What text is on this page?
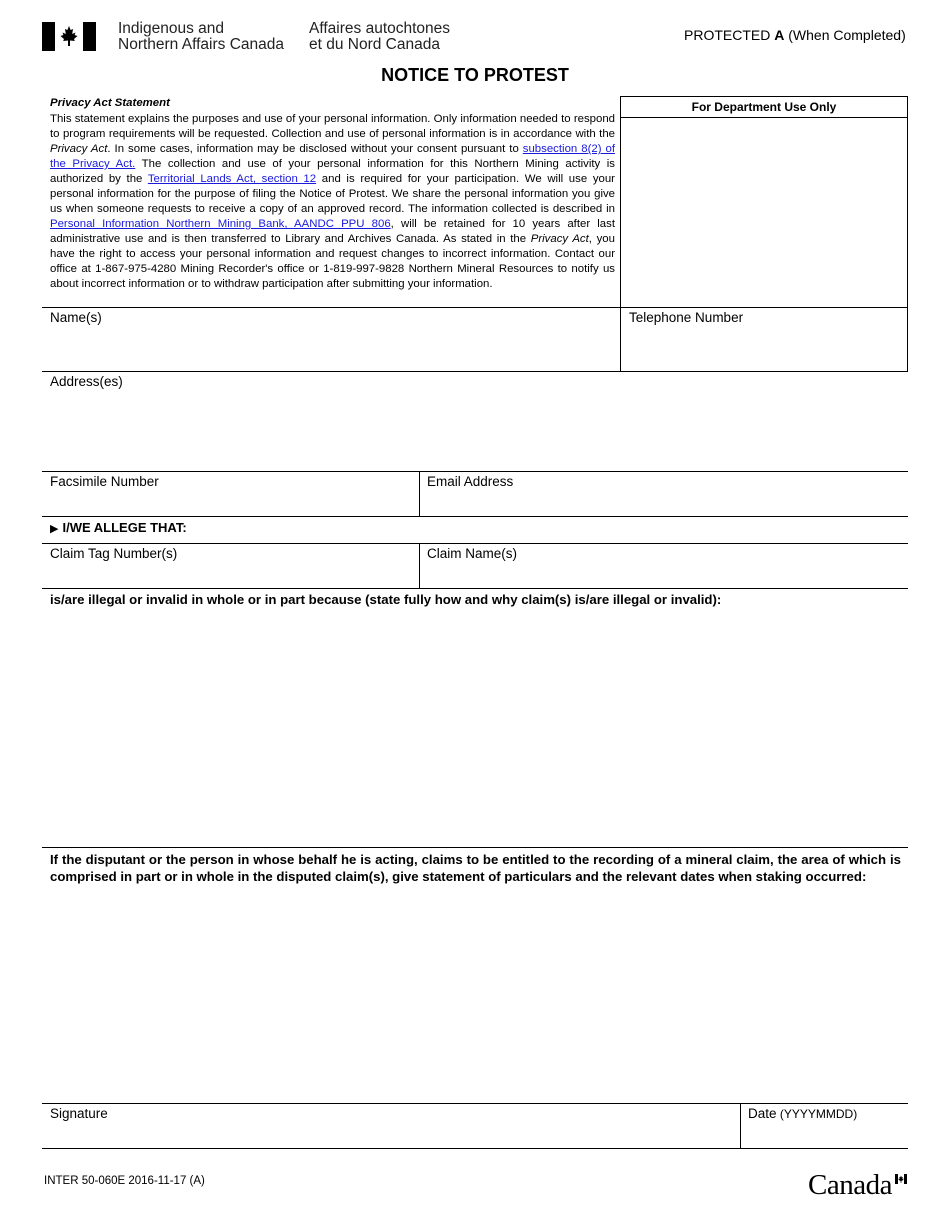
Indigenous and
Northern Affairs Canada
Affaires autochtones
et du Nord Canada
PROTECTED A (When Completed)
NOTICE TO PROTEST
Privacy Act Statement

This statement explains the purposes and use of your personal information. Only information needed to respond to program requirements will be requested. Collection and use of personal information is in accordance with the Privacy Act. In some cases, information may be disclosed without your consent pursuant to subsection 8(2) of the Privacy Act. The collection and use of your personal information for this Northern Mining activity is authorized by the Territorial Lands Act, section 12 and is required for your participation. We will use your personal information for the purpose of filing the Notice of Protest. We share the personal information you give us when someone requests to receive a copy of an approved record. The information collected is described in Personal Information Northern Mining Bank, AANDC PPU 806, will be retained for 10 years after last administrative use and is then transferred to Library and Archives Canada. As stated in the Privacy Act, you have the right to access your personal information and request changes to incorrect information. Contact our office at 1-867-975-4280 Mining Recorder's office or 1-819-997-9828 Northern Mineral Resources to notify us about incorrect information or to withdraw participation after submitting your information.

For Department Use Only
Name(s)	Telephone Number
Address(es)
Facsimile Number	Email Address
▶ I/WE ALLEGE THAT:
Claim Tag Number(s)	Claim Name(s)
is/are illegal or invalid in whole or in part because (state fully how and why claim(s) is/are illegal or invalid):
If the disputant or the person in whose behalf he is acting, claims to be entitled to the recording of a mineral claim, the area of which is comprised in part or in whole in the disputed claim(s), give statement of particulars and the relevant dates when staking occurred:
Signature	Date (YYYYMMDD)
INTER 50-060E 2016-11-17 (A)	Canada
